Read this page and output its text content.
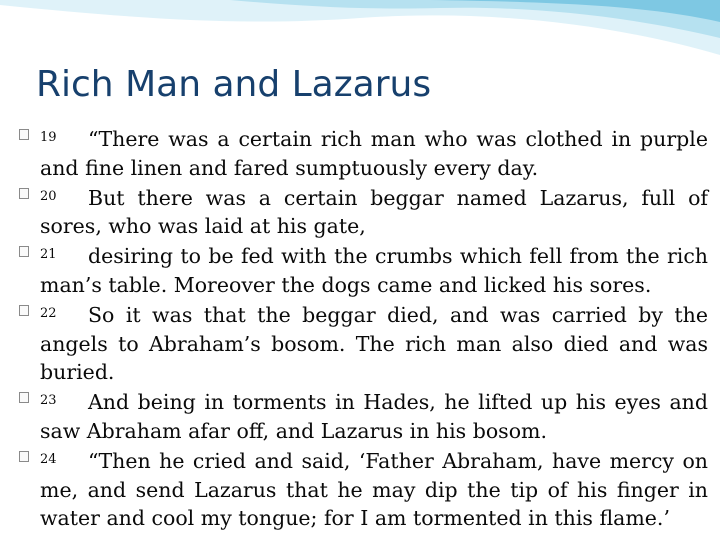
Rich Man and Lazarus
19 “There was a certain rich man who was clothed in purple and fine linen and fared sumptuously every day.
20 But there was a certain beggar named Lazarus, full of sores, who was laid at his gate,
21 desiring to be fed with the crumbs which fell from the rich man’s table. Moreover the dogs came and licked his sores.
22 So it was that the beggar died, and was carried by the angels to Abraham’s bosom. The rich man also died and was buried.
23 And being in torments in Hades, he lifted up his eyes and saw Abraham afar off, and Lazarus in his bosom.
24 “Then he cried and said, ‘Father Abraham, have mercy on me, and send Lazarus that he may dip the tip of his finger in water and cool my tongue; for I am tormented in this flame.’
